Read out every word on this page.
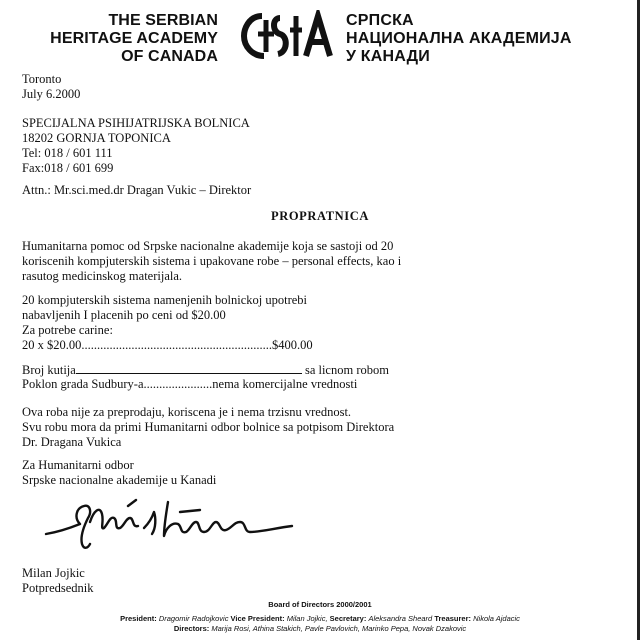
THE SERBIAN
HERITAGE ACADEMY
OF CANADA
СРПСКА
НАЦИОНАЛНА АКАДЕМИЈА
У КАНАДИ
Toronto
July 6.2000
SPECIJALNA PSIHIJATRIJSKA BOLNICA
18202 GORNJA TOPONICA
Tel: 018 / 601 111
Fax:018 / 601 699
Attn.: Mr.sci.med.dr Dragan Vukic – Direktor
PROPRATNICA
Humanitarna pomoc od Srpske nacionalne akademije koja se sastoji od 20
koriscenih kompjuterskih sistema i upakovane robe – personal effects, kao i
rasutog medicinskog materijala.
20 kompjuterskih sistema namenjenih bolnickoj upotrebi
nabavljenih I placenih po ceni od $20.00
Za potrebe carine:
20 x $20.00.............................................................$400.00
Broj kutija	sa licnom robom
Poklon grada Sudbury-a......................nema komercijalne vrednosti
Ova roba nije za preprodaju, koriscena je i nema trzisnu vrednost.
Svu robu mora da primi Humanitarni odbor bolnice sa potpisom Direktora
Dr. Dragana Vukica
Za Humanitarni odbor
Srpske nacionalne akademije u Kanadi
Milan Jojkic
Potpredsednik
Board of Directors 2000/2001
President: Dragomir Radojkovic Vice President: Milan Jojkic, Secretary: Aleksandra Sheard Treasurer: Nikola Ajdacic
Directors: Marija Rosi, Athina Stakich, Pavle Pavlovich, Marinko Pepa, Novak Dzakovic
